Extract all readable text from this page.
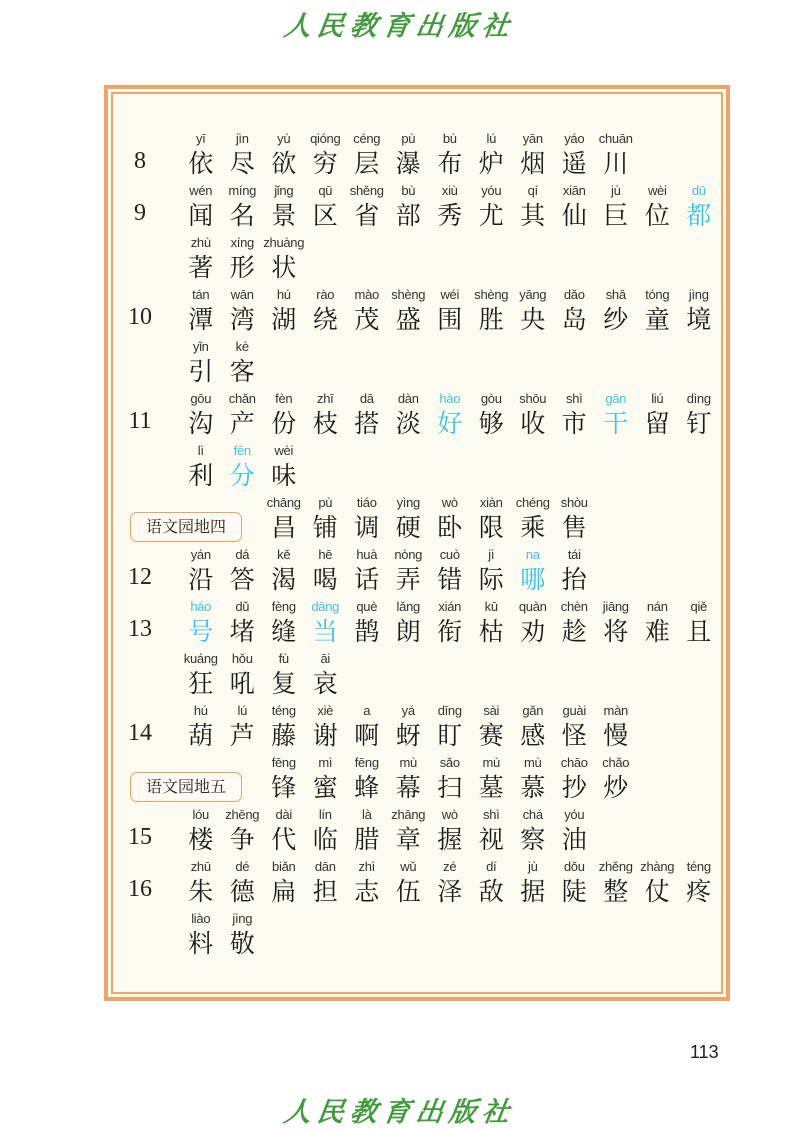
人民教育出版社
8
yī
依
jìn
尽
yù
欲
qióng
穷
céng
层
pù
瀑
bù
布
lú
炉
yān
烟
yáo
遥
chuān
川
9
wén
闻
míng
名
jǐng
景
qū
区
shěng
省
bù
部
xiù
秀
yóu
尤
qí
其
xiān
仙
jù
巨
wèi
位
dū
都
zhù
著
xíng
形
zhuàng
状
10
tán
潭
wān
湾
hú
湖
rào
绕
mào
茂
shèng
盛
wéi
围
shèng
胜
yāng
央
dǎo
岛
shā
纱
tóng
童
jìng
境
yǐn
引
kè
客
11
gōu
沟
chǎn
产
fèn
份
zhī
枝
dā
搭
dàn
淡
hào
好
gòu
够
shōu
收
shì
市
gān
干
liú
留
dìng
钉
lì
利
fēn
分
wèi
味
语文园地四
chāng
昌
pù
铺
tiáo
调
yìng
硬
wò
卧
xiàn
限
chéng
乘
shòu
售
12
yán
沿
dá
答
kě
渴
hē
喝
huà
话
nòng
弄
cuò
错
jì
际
na
哪
tái
抬
13
háo
号
dǔ
堵
fèng
缝
dāng
当
què
鹊
lǎng
朗
xián
衔
kū
枯
quàn
劝
chèn
趁
jiāng
将
nán
难
qiě
且
kuáng
狂
hǒu
吼
fù
复
āi
哀
14
hú
葫
lú
芦
téng
藤
xiè
谢
a
啊
yá
蚜
dīng
盯
sài
赛
gǎn
感
guài
怪
màn
慢
语文园地五
fēng
锋
mì
蜜
fēng
蜂
mù
幕
sǎo
扫
mù
墓
mù
慕
chāo
抄
chǎo
炒
15
lóu
楼
zhēng
争
dài
代
lín
临
là
腊
zhāng
章
wò
握
shì
视
chá
察
yóu
油
16
zhū
朱
dé
德
biǎn
扁
dān
担
zhì
志
wǔ
伍
zé
泽
dí
敌
jù
据
dǒu
陡
zhěng
整
zhàng
仗
téng
疼
liào
料
jìng
敬
113
人民教育出版社
